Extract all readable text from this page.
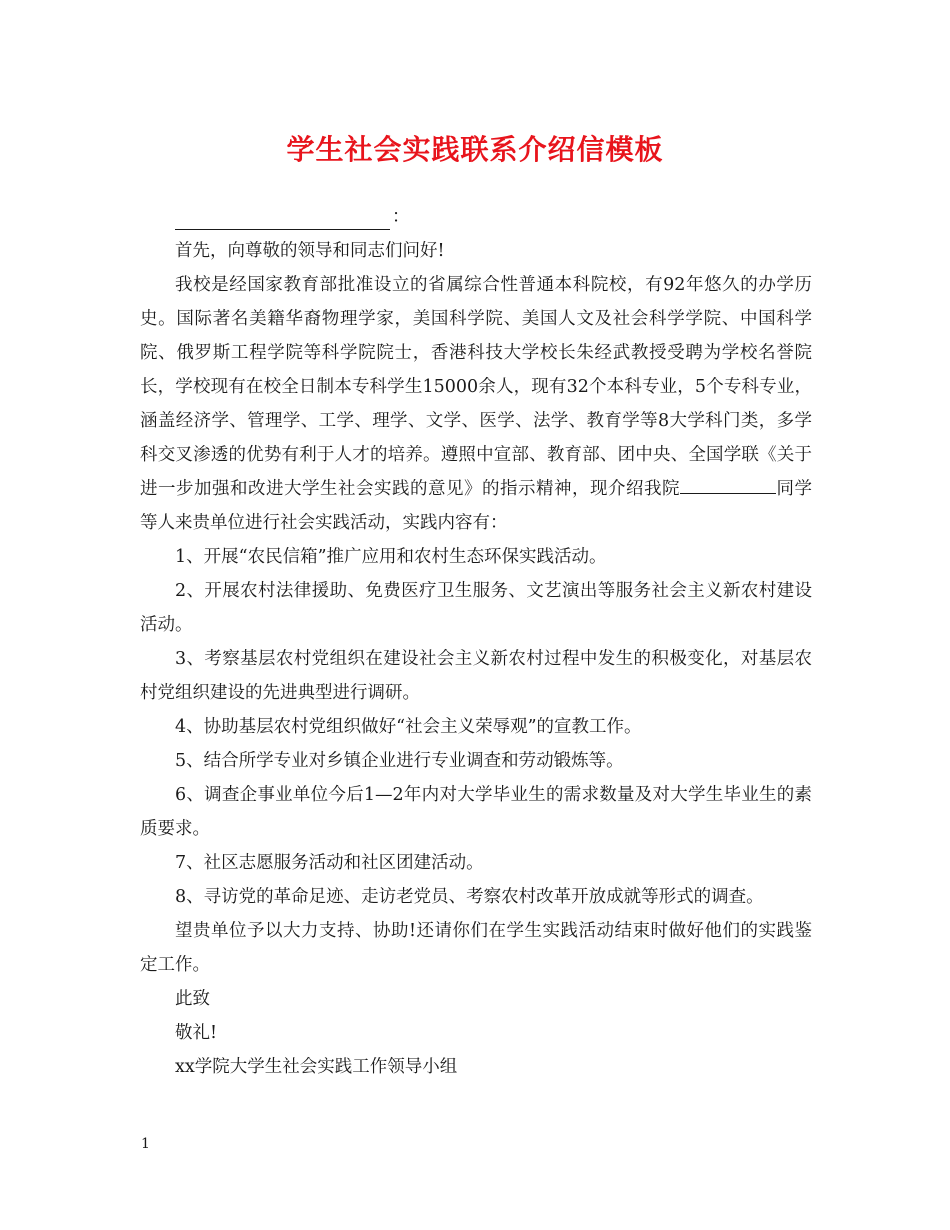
学生社会实践联系介绍信模板
：

首先，向尊敬的领导和同志们问好!

我校是经国家教育部批准设立的省属综合性普通本科院校，有92年悠久的办学历史。国际著名美籍华裔物理学家，美国科学院、美国人文及社会科学学院、中国科学院、俄罗斯工程学院等科学院院士，香港科技大学校长朱经武教授受聘为学校名誉院长，学校现有在校全日制本专科学生15000余人，现有32个本科专业，5个专科专业，涵盖经济学、管理学、工学、理学、文学、医学、法学、教育学等8大学科门类，多学科交叉渗透的优势有利于人才的培养。遵照中宣部、教育部、团中央、全国学联《关于进一步加强和改进大学生社会实践的意见》的指示精神，现介绍我院	同学等人来贵单位进行社会实践活动，实践内容有：

1、开展“农民信箱”推广应用和农村生态环保实践活动。

2、开展农村法律援助、免费医疗卫生服务、文艺演出等服务社会主义新农村建设活动。

3、考察基层农村党组织在建设社会主义新农村过程中发生的积极变化，对基层农村党组织建设的先进典型进行调研。

4、协助基层农村党组织做好“社会主义荣辱观”的宣教工作。

5、结合所学专业对乡镇企业进行专业调查和劳动锻炼等。

6、调查企事业单位今后1—2年内对大学毕业生的需求数量及对大学生毕业生的素质要求。

7、社区志愿服务活动和社区团建活动。

8、寻访党的革命足迹、走访老党员、考察农村改革开放成就等形式的调查。

望贵单位予以大力支持、协助!还请你们在学生实践活动结束时做好他们的实践鉴定工作。

此致

敬礼!

xx学院大学生社会实践工作领导小组

1
